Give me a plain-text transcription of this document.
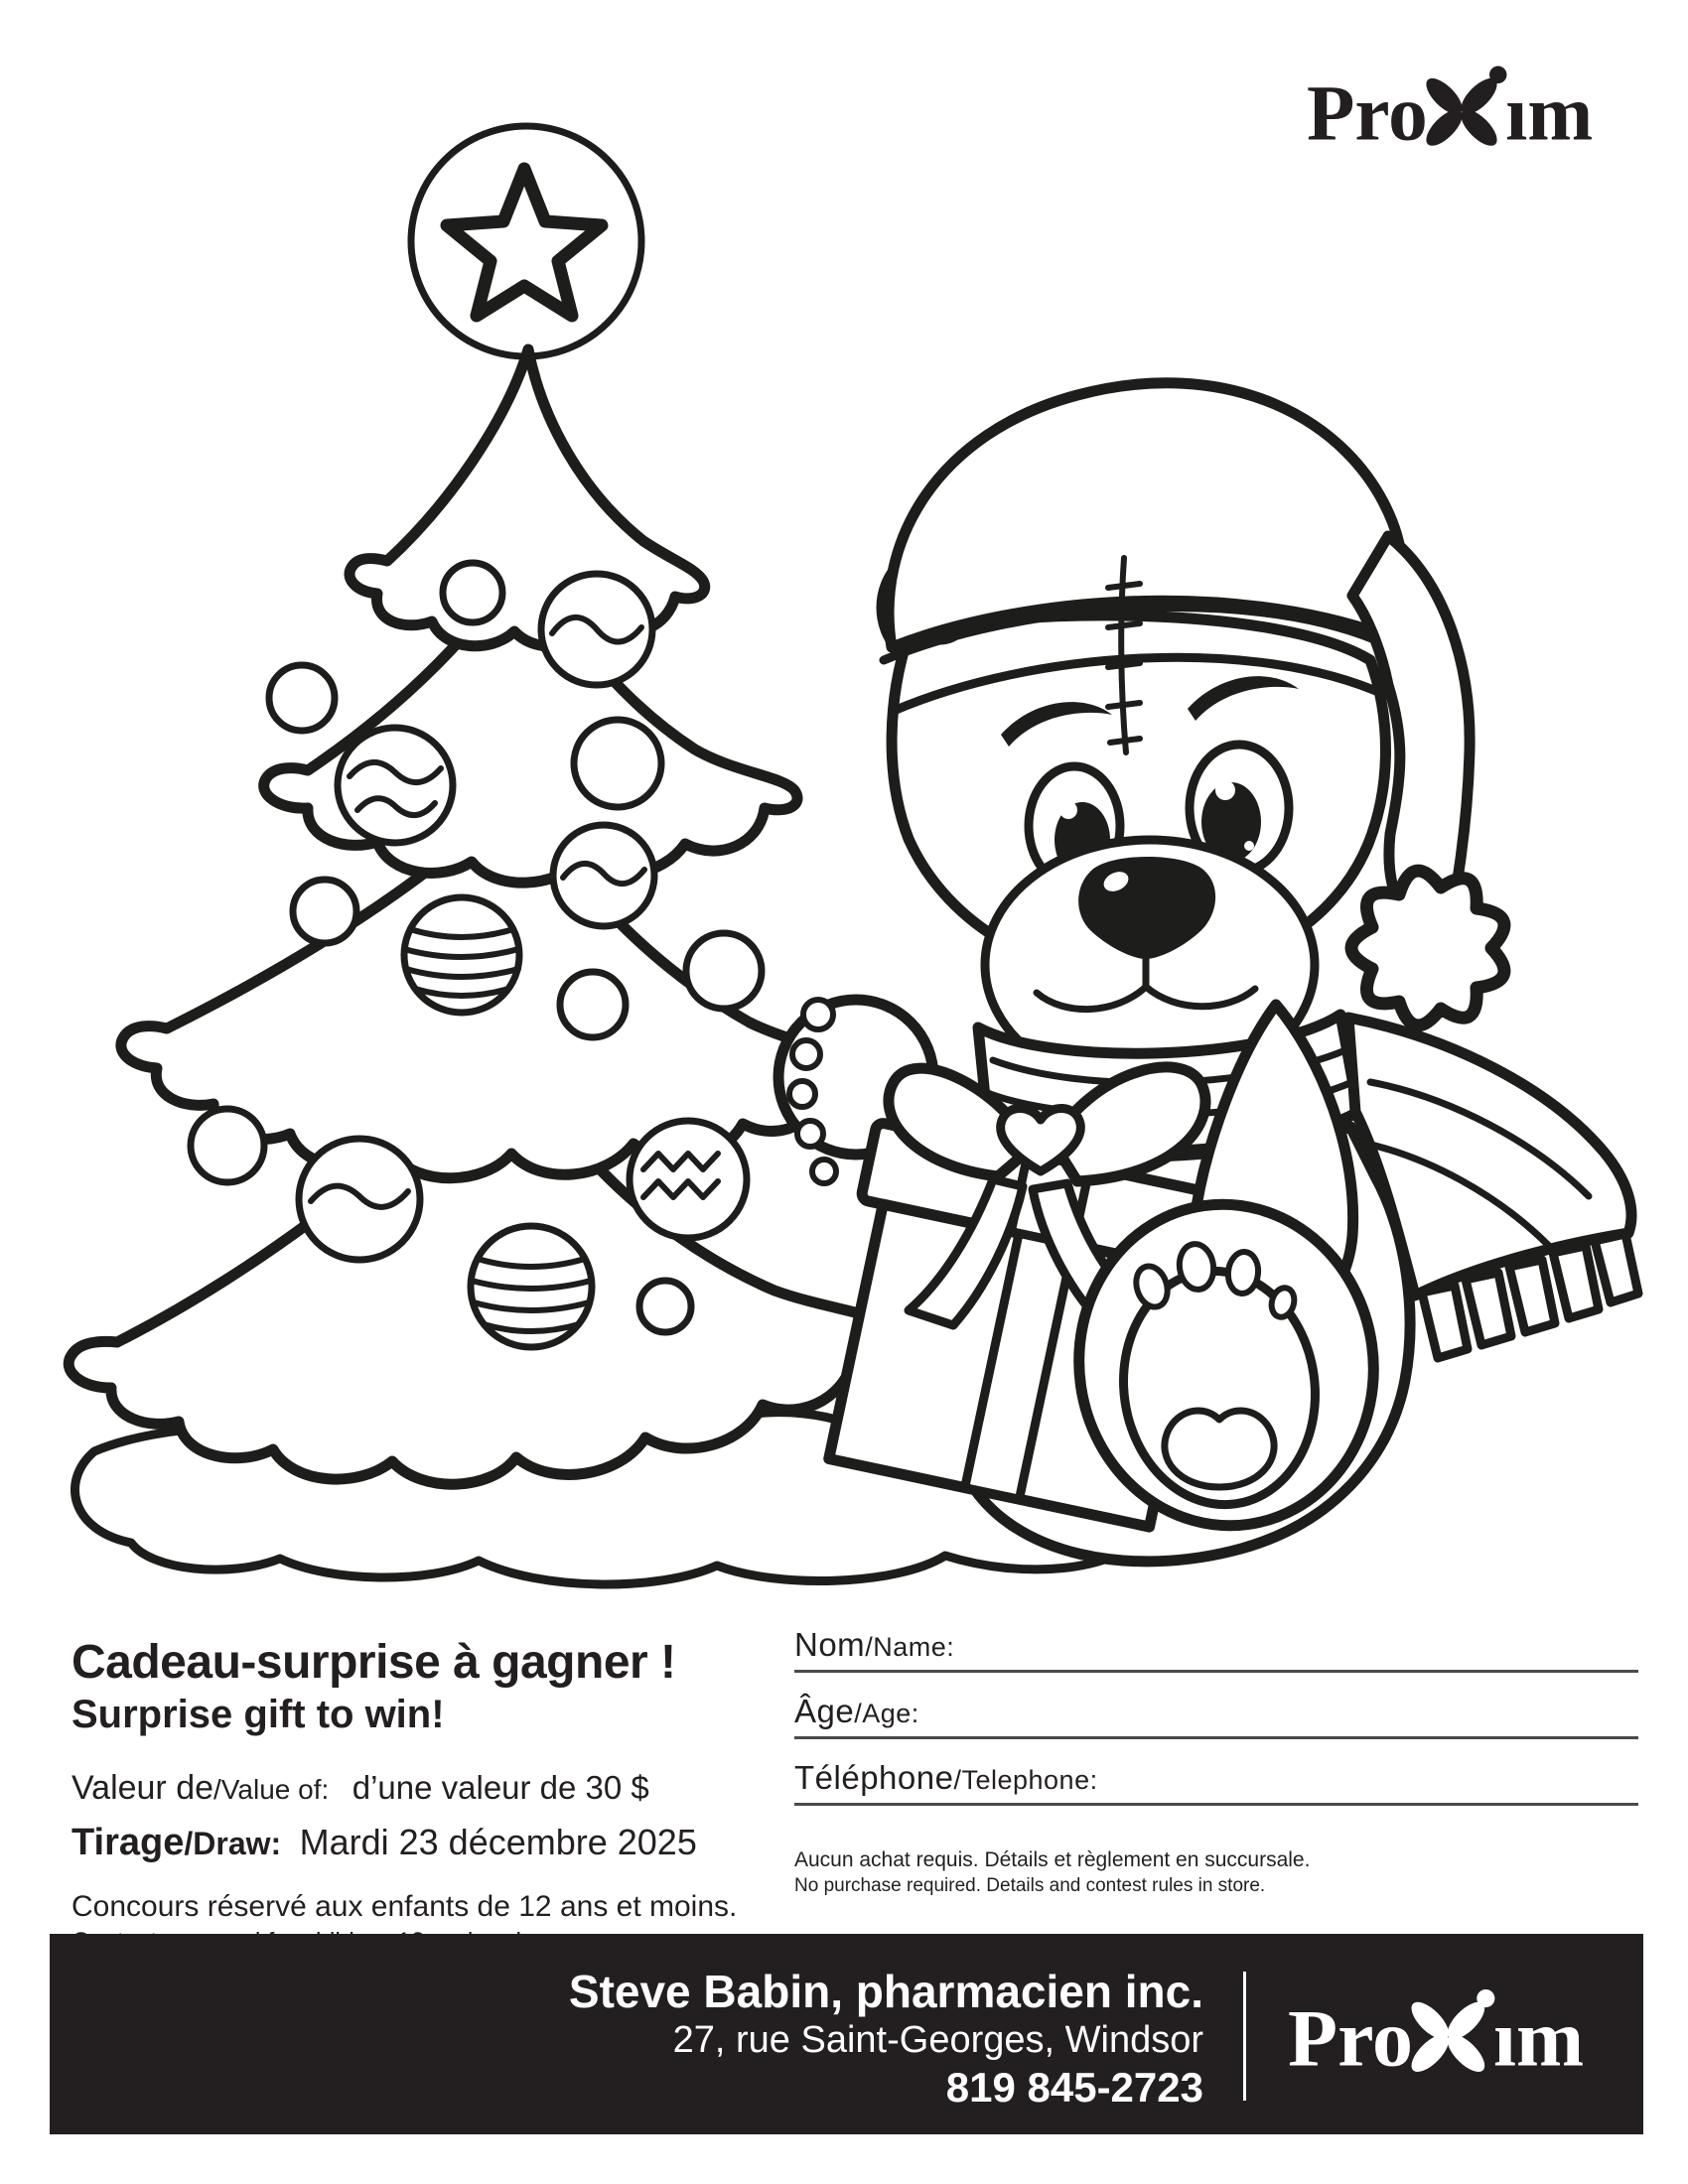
Pro ım
Cadeau-surprise à gagner !
Surprise gift to win!
Valeur de/Value of: d’une valeur de 30 $
Tirage/Draw: Mardi 23 décembre 2025
Concours réservé aux enfants de 12 ans et moins.
Nom/Name:
Âge/Age:
Téléphone/Telephone:
Aucun achat requis. Détails et règlement en succursale.
No purchase required. Details and contest rules in store.
Steve Babin, pharmacien inc.
27, rue Saint-Georges, Windsor
819 845-2723
Pro ım
